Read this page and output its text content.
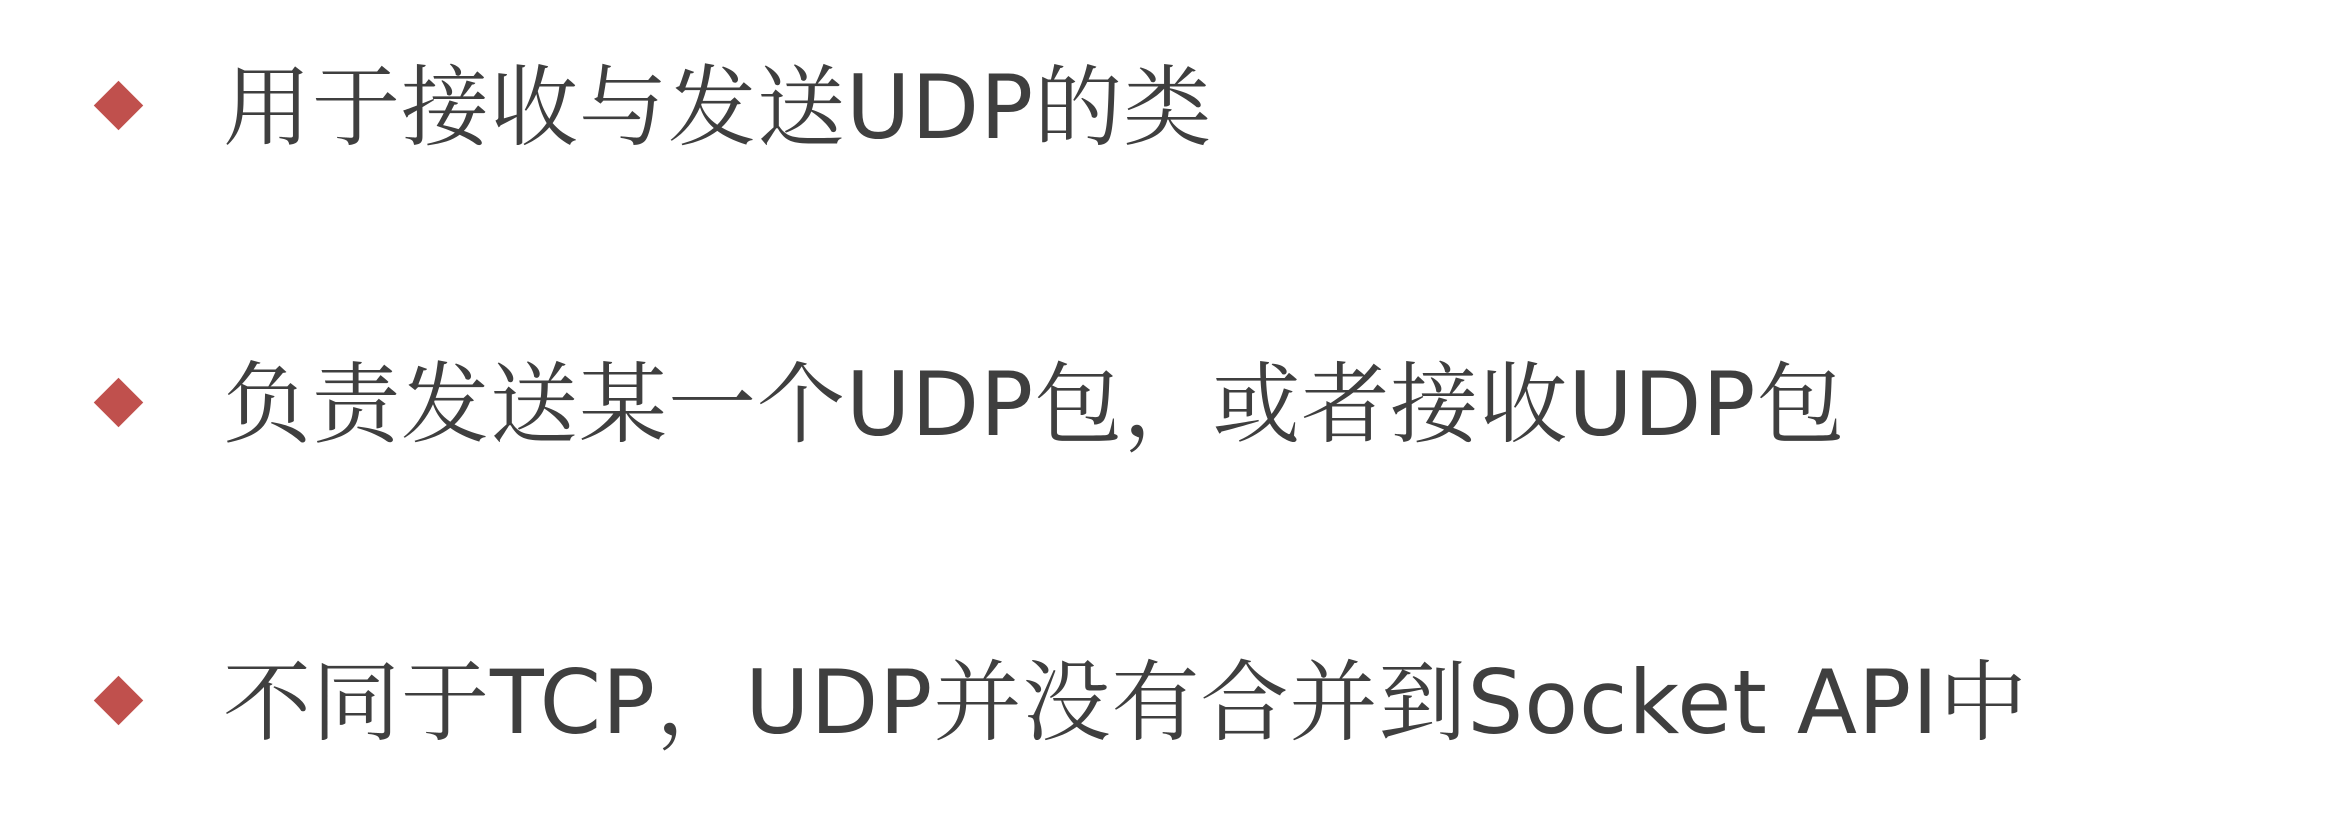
用于接收与发送UDP的类
负责发送某一个UDP包，或者接收UDP包
不同于TCP，UDP并没有合并到Socket API中
